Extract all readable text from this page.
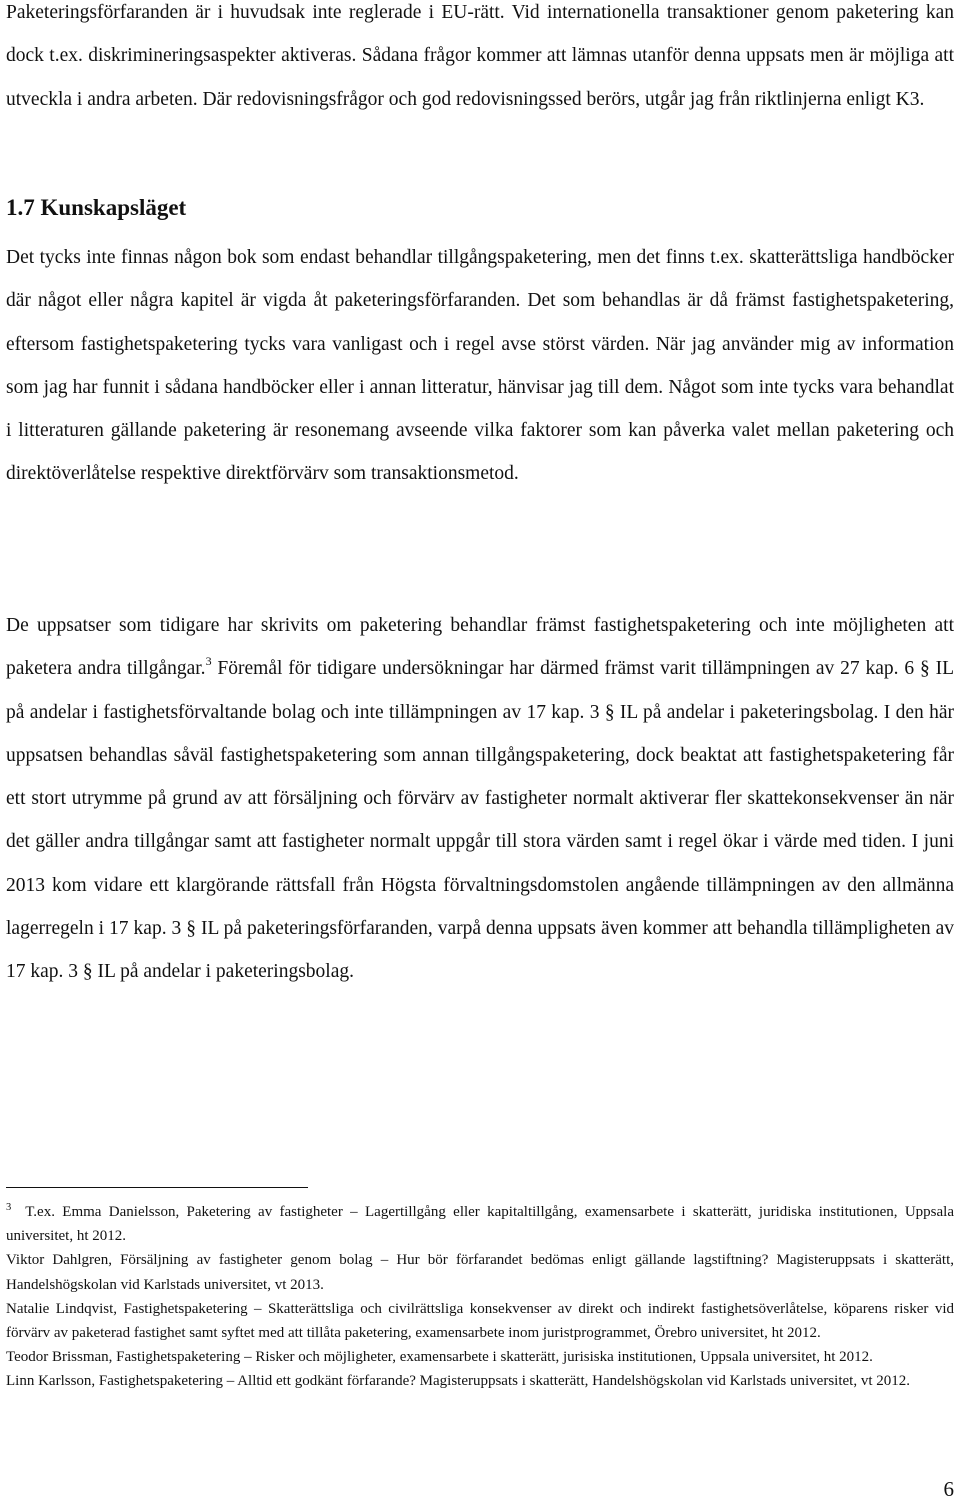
Paketeringsförfaranden är i huvudsak inte reglerade i EU-rätt. Vid internationella transaktioner genom paketering kan dock t.ex. diskrimineringsaspekter aktiveras. Sådana frågor kommer att lämnas utanför denna uppsats men är möjliga att utveckla i andra arbeten. Där redovisningsfrågor och god redovisningssed berörs, utgår jag från riktlinjerna enligt K3.

1.7 Kunskapsläget

Det tycks inte finnas någon bok som endast behandlar tillgångspaketering, men det finns t.ex. skatterättsliga handböcker där något eller några kapitel är vigda åt paketeringsförfaranden. Det som behandlas är då främst fastighetspaketering, eftersom fastighetspaketering tycks vara vanligast och i regel avse störst värden. När jag använder mig av information som jag har funnit i sådana handböcker eller i annan litteratur, hänvisar jag till dem. Något som inte tycks vara behandlat i litteraturen gällande paketering är resonemang avseende vilka faktorer som kan påverka valet mellan paketering och direktöverlåtelse respektive direktförvärv som transaktionsmetod.

De uppsatser som tidigare har skrivits om paketering behandlar främst fastighetspaketering och inte möjligheten att paketera andra tillgångar.$^3$ Föremål för tidigare undersökningar har därmed främst varit tillämpningen av 27 kap. 6 § IL på andelar i fastighetsförvaltande bolag och inte tillämpningen av 17 kap. 3 § IL på andelar i paketeringsbolag. I den här uppsatsen behandlas såväl fastighetspaketering som annan tillgångspaketering, dock beaktat att fastighetspaketering får ett stort utrymme på grund av att försäljning och förvärv av fastigheter normalt aktiverar fler skattekonsekvenser än när det gäller andra tillgångar samt att fastigheter normalt uppgår till stora värden samt i regel ökar i värde med tiden. I juni 2013 kom vidare ett klargörande rättsfall från Högsta förvaltningsdomstolen angående tillämpningen av den allmänna lagerregeln i 17 kap. 3 § IL på paketeringsförfaranden, varpå denna uppsats även kommer att behandla tillämpligheten av 17 kap. 3 § IL på andelar i paketeringsbolag.

$^3$ T.ex. Emma Danielsson, Paketering av fastigheter – Lagertillgång eller kapitaltillgång, examensarbete i skatterätt, juridiska institutionen, Uppsala universitet, ht 2012.

Viktor Dahlgren, Försäljning av fastigheter genom bolag – Hur bör förfarandet bedömas enligt gällande lagstiftning? Magisteruppsats i skatterätt, Handelshögskolan vid Karlstads universitet, vt 2013.

Natalie Lindqvist, Fastighetspaketering – Skatterättsliga och civilrättsliga konsekvenser av direkt och indirekt fastighetsöverlåtelse, köparens risker vid förvärv av paketerad fastighet samt syftet med att tillåta paketering, examensarbete inom juristprogrammet, Örebro universitet, ht 2012.

Teodor Brissman, Fastighetspaketering – Risker och möjligheter, examensarbete i skatterätt, jurisiska institutionen, Uppsala universitet, ht 2012.

Linn Karlsson, Fastighetspaketering – Alltid ett godkänt förfarande? Magisteruppsats i skatterätt, Handelshögskolan vid Karlstads universitet, vt 2012.

6
